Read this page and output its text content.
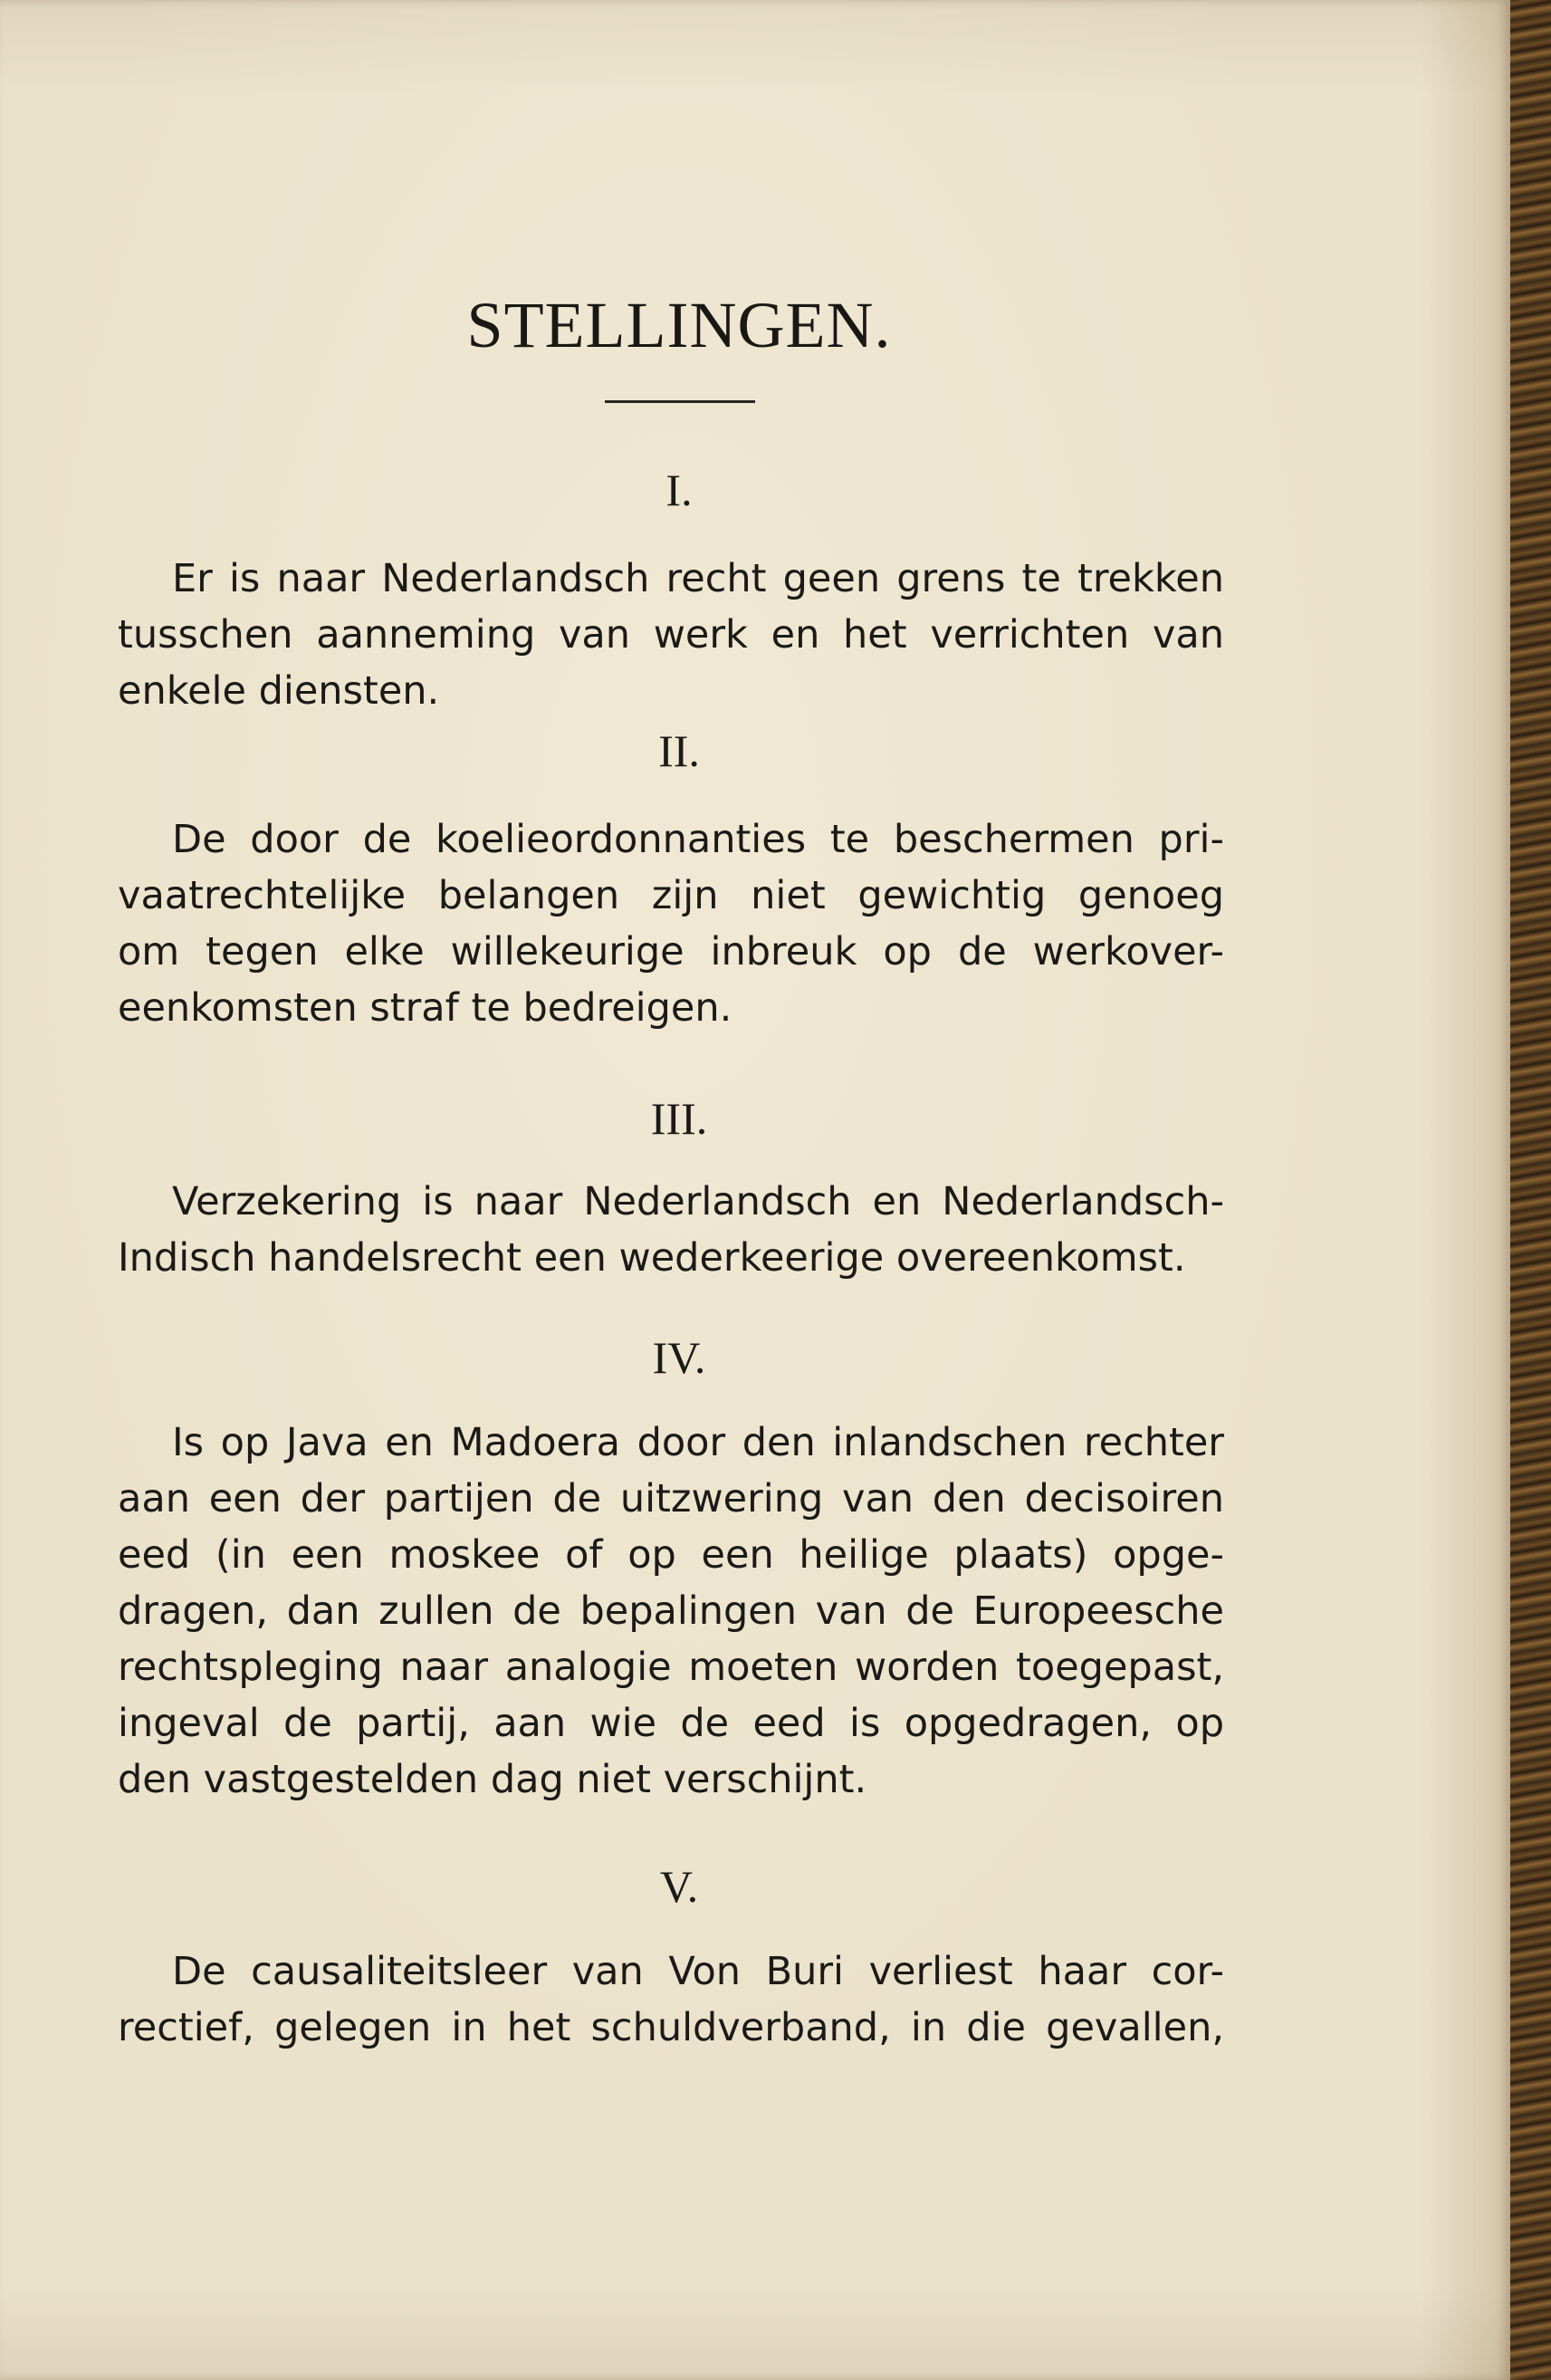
STELLINGEN.
I.
Er is naar Nederlandsch recht geen grens te trekken
tusschen aanneming van werk en het verrichten van
enkele diensten.
II.
De door de koelieordonnanties te beschermen pri-
vaatrechtelijke belangen zijn niet gewichtig genoeg
om tegen elke willekeurige inbreuk op de werkover-
eenkomsten straf te bedreigen.
III.
Verzekering is naar Nederlandsch en Nederlandsch-
Indisch handelsrecht een wederkeerige overeenkomst.
IV.
Is op Java en Madoera door den inlandschen rechter
aan een der partijen de uitzwering van den decisoiren
eed (in een moskee of op een heilige plaats) opge-
dragen, dan zullen de bepalingen van de Europeesche
rechtspleging naar analogie moeten worden toegepast,
ingeval de partij, aan wie de eed is opgedragen, op
den vastgestelden dag niet verschijnt.
V.
De causaliteitsleer van Von Buri verliest haar cor-
rectief, gelegen in het schuldverband, in die gevallen,
